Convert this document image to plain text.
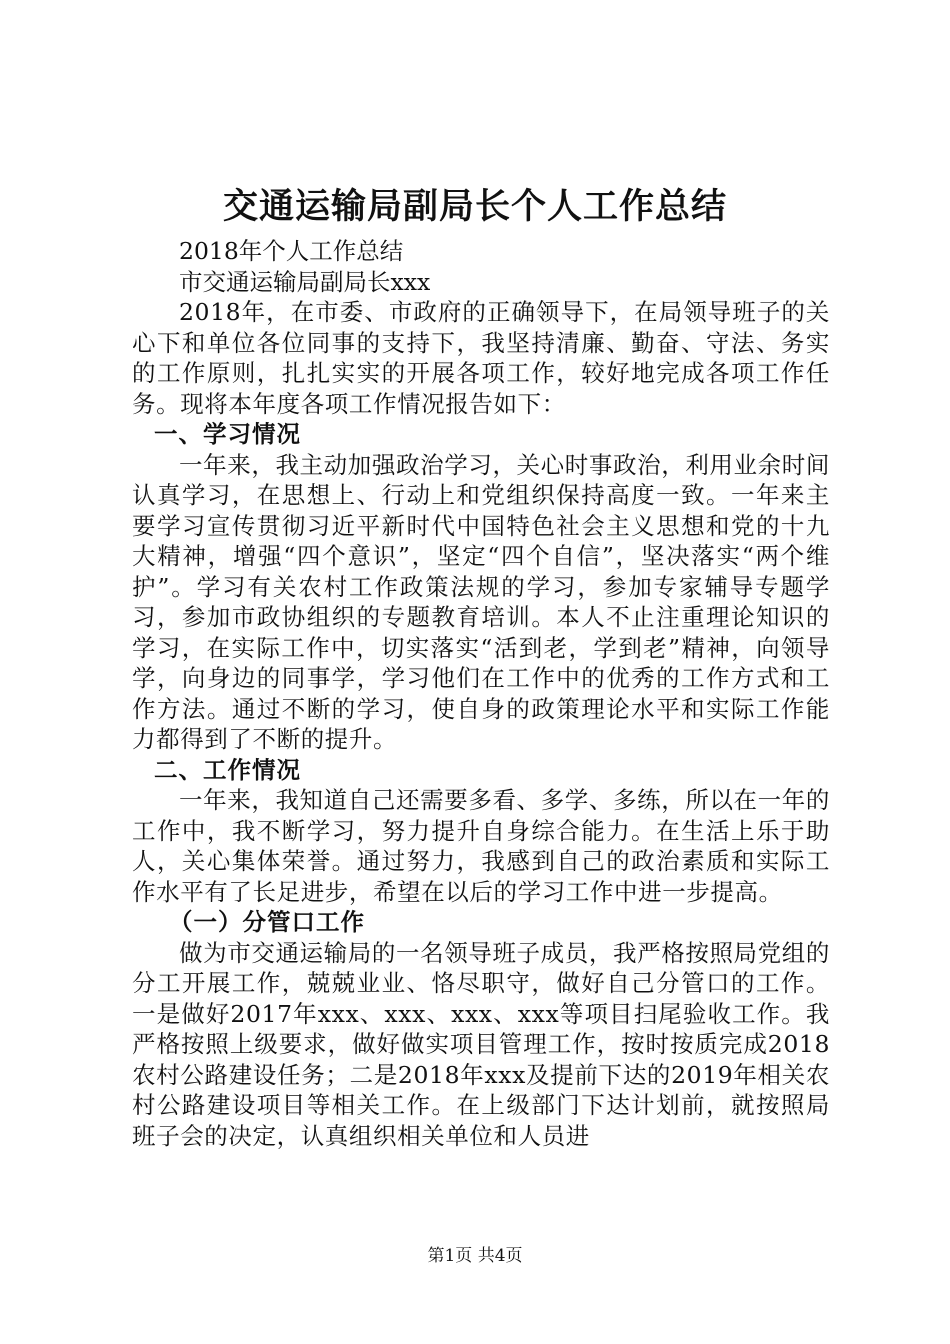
交通运输局副局长个人工作总结
2018年个人工作总结
市交通运输局副局长xxx

2018年，在市委、市政府的正确领导下，在局领导班子的关心下和单位各位同事的支持下，我坚持清廉、勤奋、守法、务实的工作原则，扎扎实实的开展各项工作，较好地完成各项工作任务。现将本年度各项工作情况报告如下：

一、学习情况

一年来，我主动加强政治学习，关心时事政治，利用业余时间认真学习，在思想上、行动上和党组织保持高度一致。一年来主要学习宣传贯彻习近平新时代中国特色社会主义思想和党的十九大精神，增强“四个意识”，坚定“四个自信”，坚决落实“两个维护”。学习有关农村工作政策法规的学习，参加专家辅导专题学习，参加市政协组织的专题教育培训。本人不止注重理论知识的学习，在实际工作中，切实落实“活到老，学到老”精神，向领导学，向身边的同事学，学习他们在工作中的优秀的工作方式和工作方法。通过不断的学习，使自身的政策理论水平和实际工作能力都得到了不断的提升。

二、工作情况

一年来，我知道自己还需要多看、多学、多练，所以在一年的工作中，我不断学习，努力提升自身综合能力。在生活上乐于助人，关心集体荣誉。通过努力，我感到自己的政治素质和实际工作水平有了长足进步，希望在以后的学习工作中进一步提高。

（一）分管口工作

做为市交通运输局的一名领导班子成员，我严格按照局党组的分工开展工作，兢兢业业、恪尽职守，做好自己分管口的工作。一是做好2017年xxx、xxx、xxx、xxx等项目扫尾验收工作。我严格按照上级要求，做好做实项目管理工作，按时按质完成2018农村公路建设任务；二是2018年xxx及提前下达的2019年相关农村公路建设项目等相关工作。在上级部门下达计划前，就按照局班子会的决定，认真组织相关单位和人员进

第1页 共4页
